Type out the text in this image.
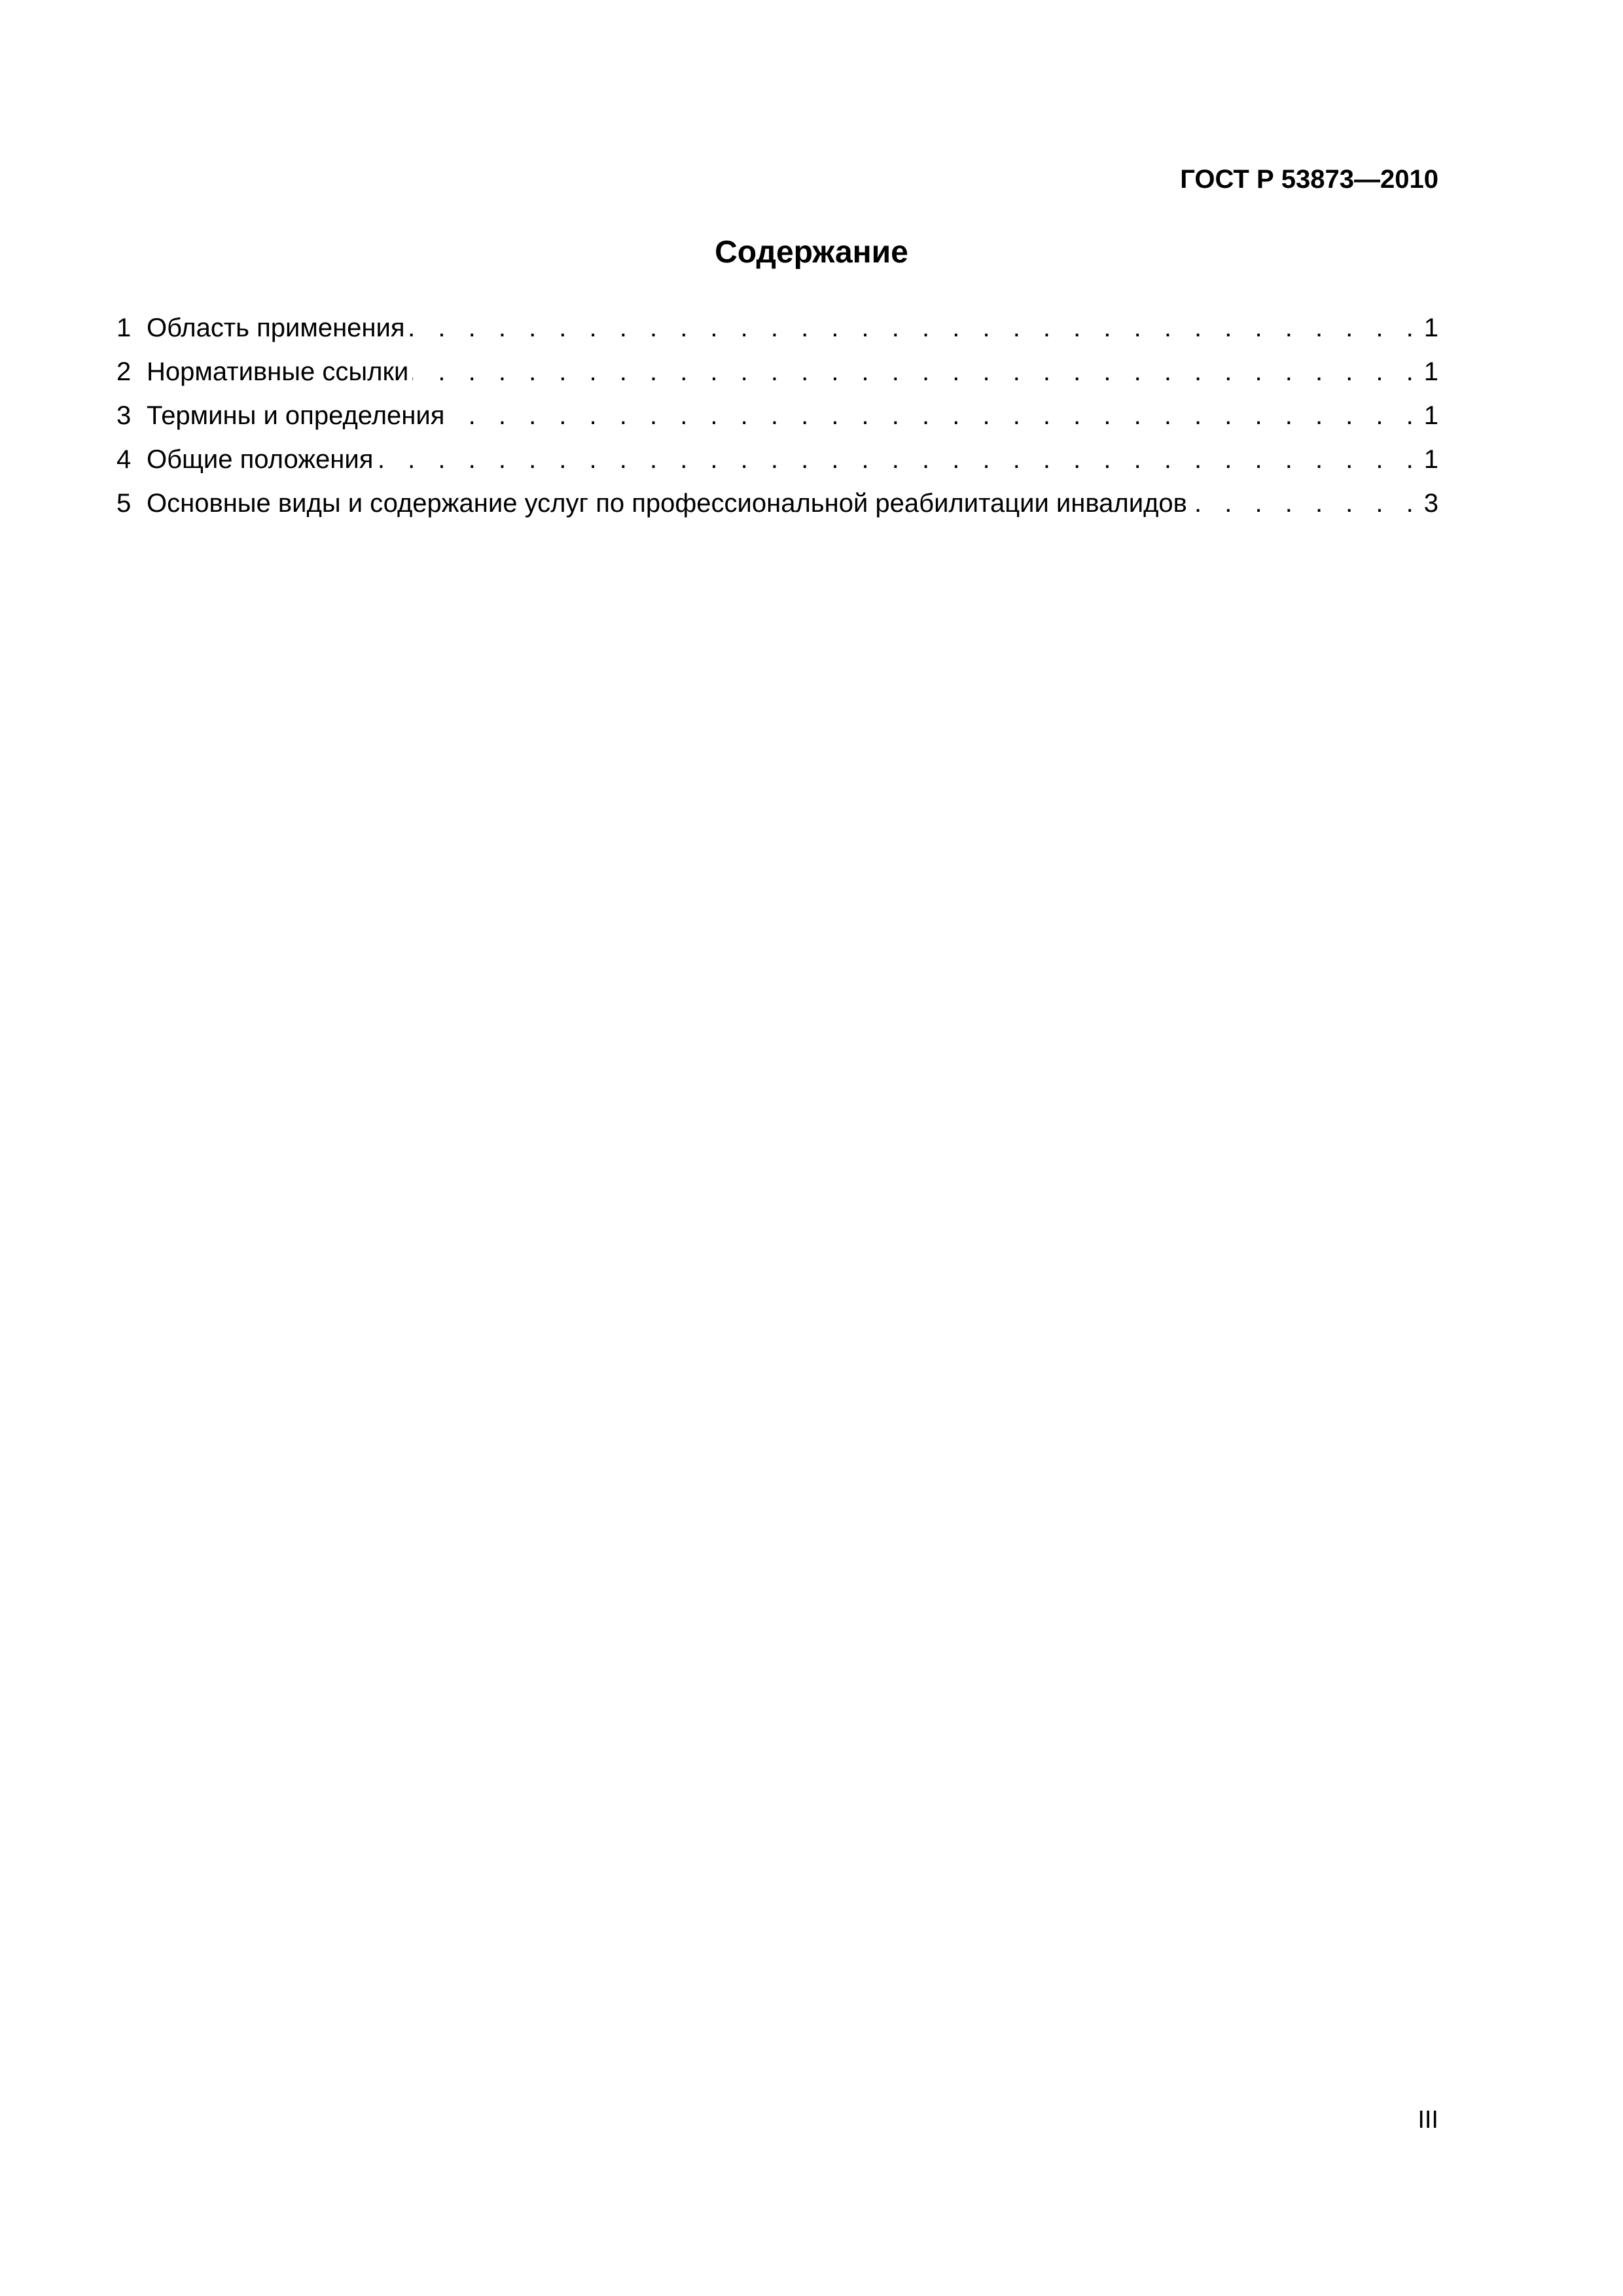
ГОСТ Р 53873—2010
Содержание
1 Область применения . . .	1
2 Нормативные ссылки . . .	1
3 Термины и определения . . .	1
4 Общие положения . . .	1
5 Основные виды и содержание услуг по профессиональной реабилитации инвалидов . . .	3
III
